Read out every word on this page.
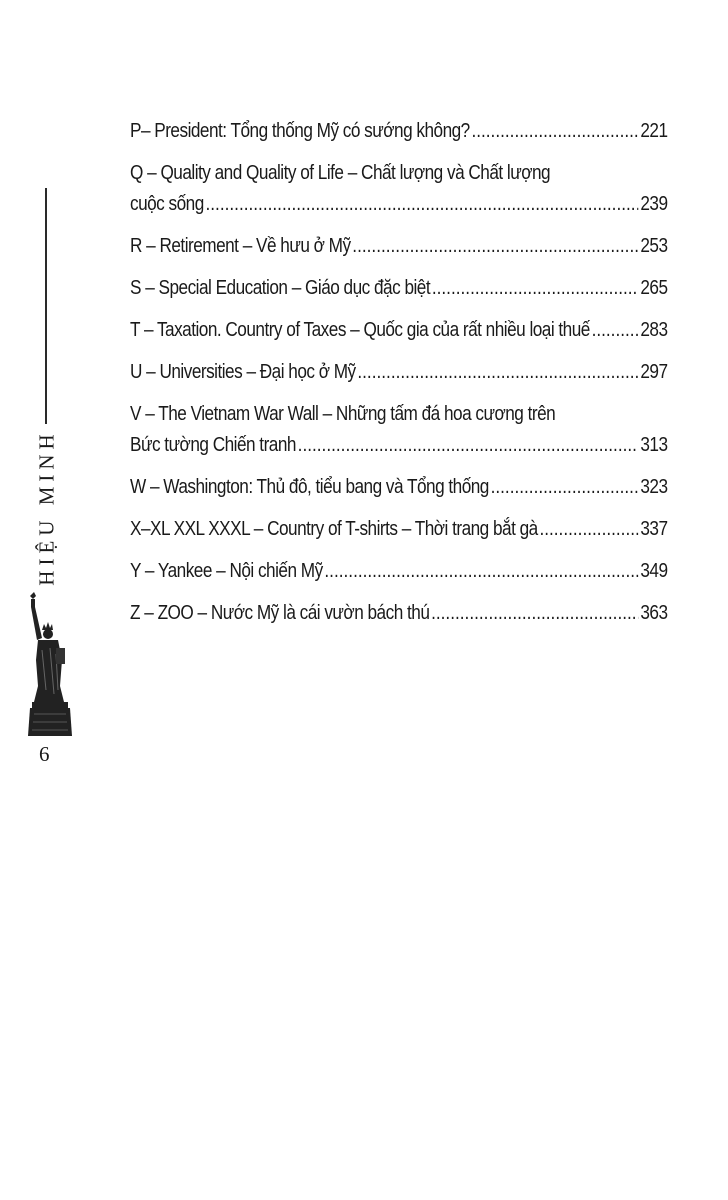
HIỆU MINH
6
P– President: Tổng thống Mỹ có sướng không? .....	221
Q – Quality and Quality of Life – Chất lượng và Chất lượng
cuộc sống .....	239
R – Retirement – Về hưu ở Mỹ .....	253
S – Special Education – Giáo dục đặc biệt .....	265
T – Taxation. Country of Taxes – Quốc gia của rất nhiều loại thuế .....	283
U – Universities – Đại học ở Mỹ .....	297
V – The Vietnam War Wall – Những tấm đá hoa cương trên
Bức tường Chiến tranh .....	313
W – Washington: Thủ đô, tiểu bang và Tổng thống .....	323
X–XL XXL XXXL – Country of T-shirts – Thời trang bắt gà .....	337
Y – Yankee – Nội chiến Mỹ .....	349
Z – ZOO – Nước Mỹ là cái vườn bách thú .....	363
